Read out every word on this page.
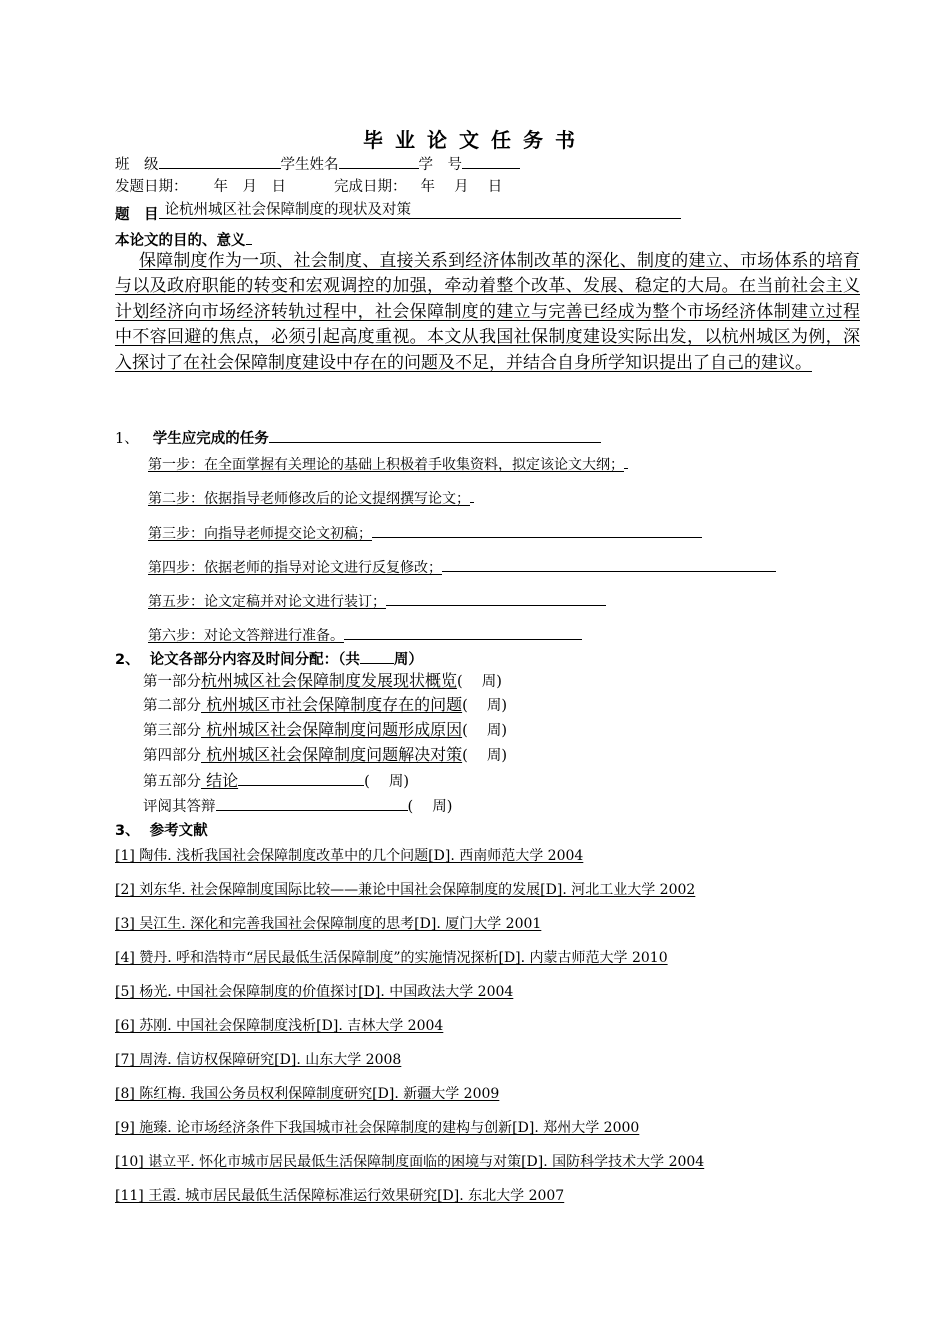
毕业论文任务书
班　级	学生姓名	学　号
发题日期： 年　月　日	完成日期： 年　 月　 日
题　目 论杭州城区社会保障制度的现状及对策
本论文的目的、意义
保障制度作为一项、社会制度、直接关系到经济体制改革的深化、制度的建立、市场体系的培育与以及政府职能的转变和宏观调控的加强，牵动着整个改革、发展、稳定的大局。在当前社会主义计划经济向市场经济转轨过程中，社会保障制度的建立与完善已经成为整个市场经济体制建立过程中不容回避的焦点，必须引起高度重视。本文从我国社保制度建设实际出发，以杭州城区为例，深入探讨了在社会保障制度建设中存在的问题及不足，并结合自身所学知识提出了自己的建议。
1、 学生应完成的任务
第一步：在全面掌握有关理论的基础上积极着手收集资料，拟定该论文大纲；
第二步：依据指导老师修改后的论文提纲撰写论文；
第三步：向指导老师提交论文初稿；
第四步：依据老师的指导对论文进行反复修改；
第五步：论文定稿并对论文进行装订；
第六步：对论文答辩进行准备。
2、 论文各部分内容及时间分配：（共 周）
第一部分杭州城区社会保障制度发展现状概览(　 周)
第二部分 杭州城区市社会保障制度存在的问题(　 周)
第三部分 杭州城区社会保障制度问题形成原因(　 周)
第四部分 杭州城区社会保障制度问题解决对策(　 周)
第五部分 结论	(　 周)
评阅其答辩	(　 周)
3、 参考文献
[1] 陶伟. 浅析我国社会保障制度改革中的几个问题[D]. 西南师范大学 2004
[2] 刘东华. 社会保障制度国际比较——兼论中国社会保障制度的发展[D]. 河北工业大学 2002
[3] 吴江生. 深化和完善我国社会保障制度的思考[D]. 厦门大学 2001
[4] 赞丹. 呼和浩特市“居民最低生活保障制度”的实施情况探析[D]. 内蒙古师范大学 2010
[5] 杨光. 中国社会保障制度的价值探讨[D]. 中国政法大学 2004
[6] 苏刚. 中国社会保障制度浅析[D]. 吉林大学 2004
[7] 周涛. 信访权保障研究[D]. 山东大学 2008
[8] 陈红梅. 我国公务员权利保障制度研究[D]. 新疆大学 2009
[9] 施臻. 论市场经济条件下我国城市社会保障制度的建构与创新[D]. 郑州大学 2000
[10] 谌立平. 怀化市城市居民最低生活保障制度面临的困境与对策[D]. 国防科学技术大学 2004
[11] 王霞. 城市居民最低生活保障标准运行效果研究[D]. 东北大学 2007
